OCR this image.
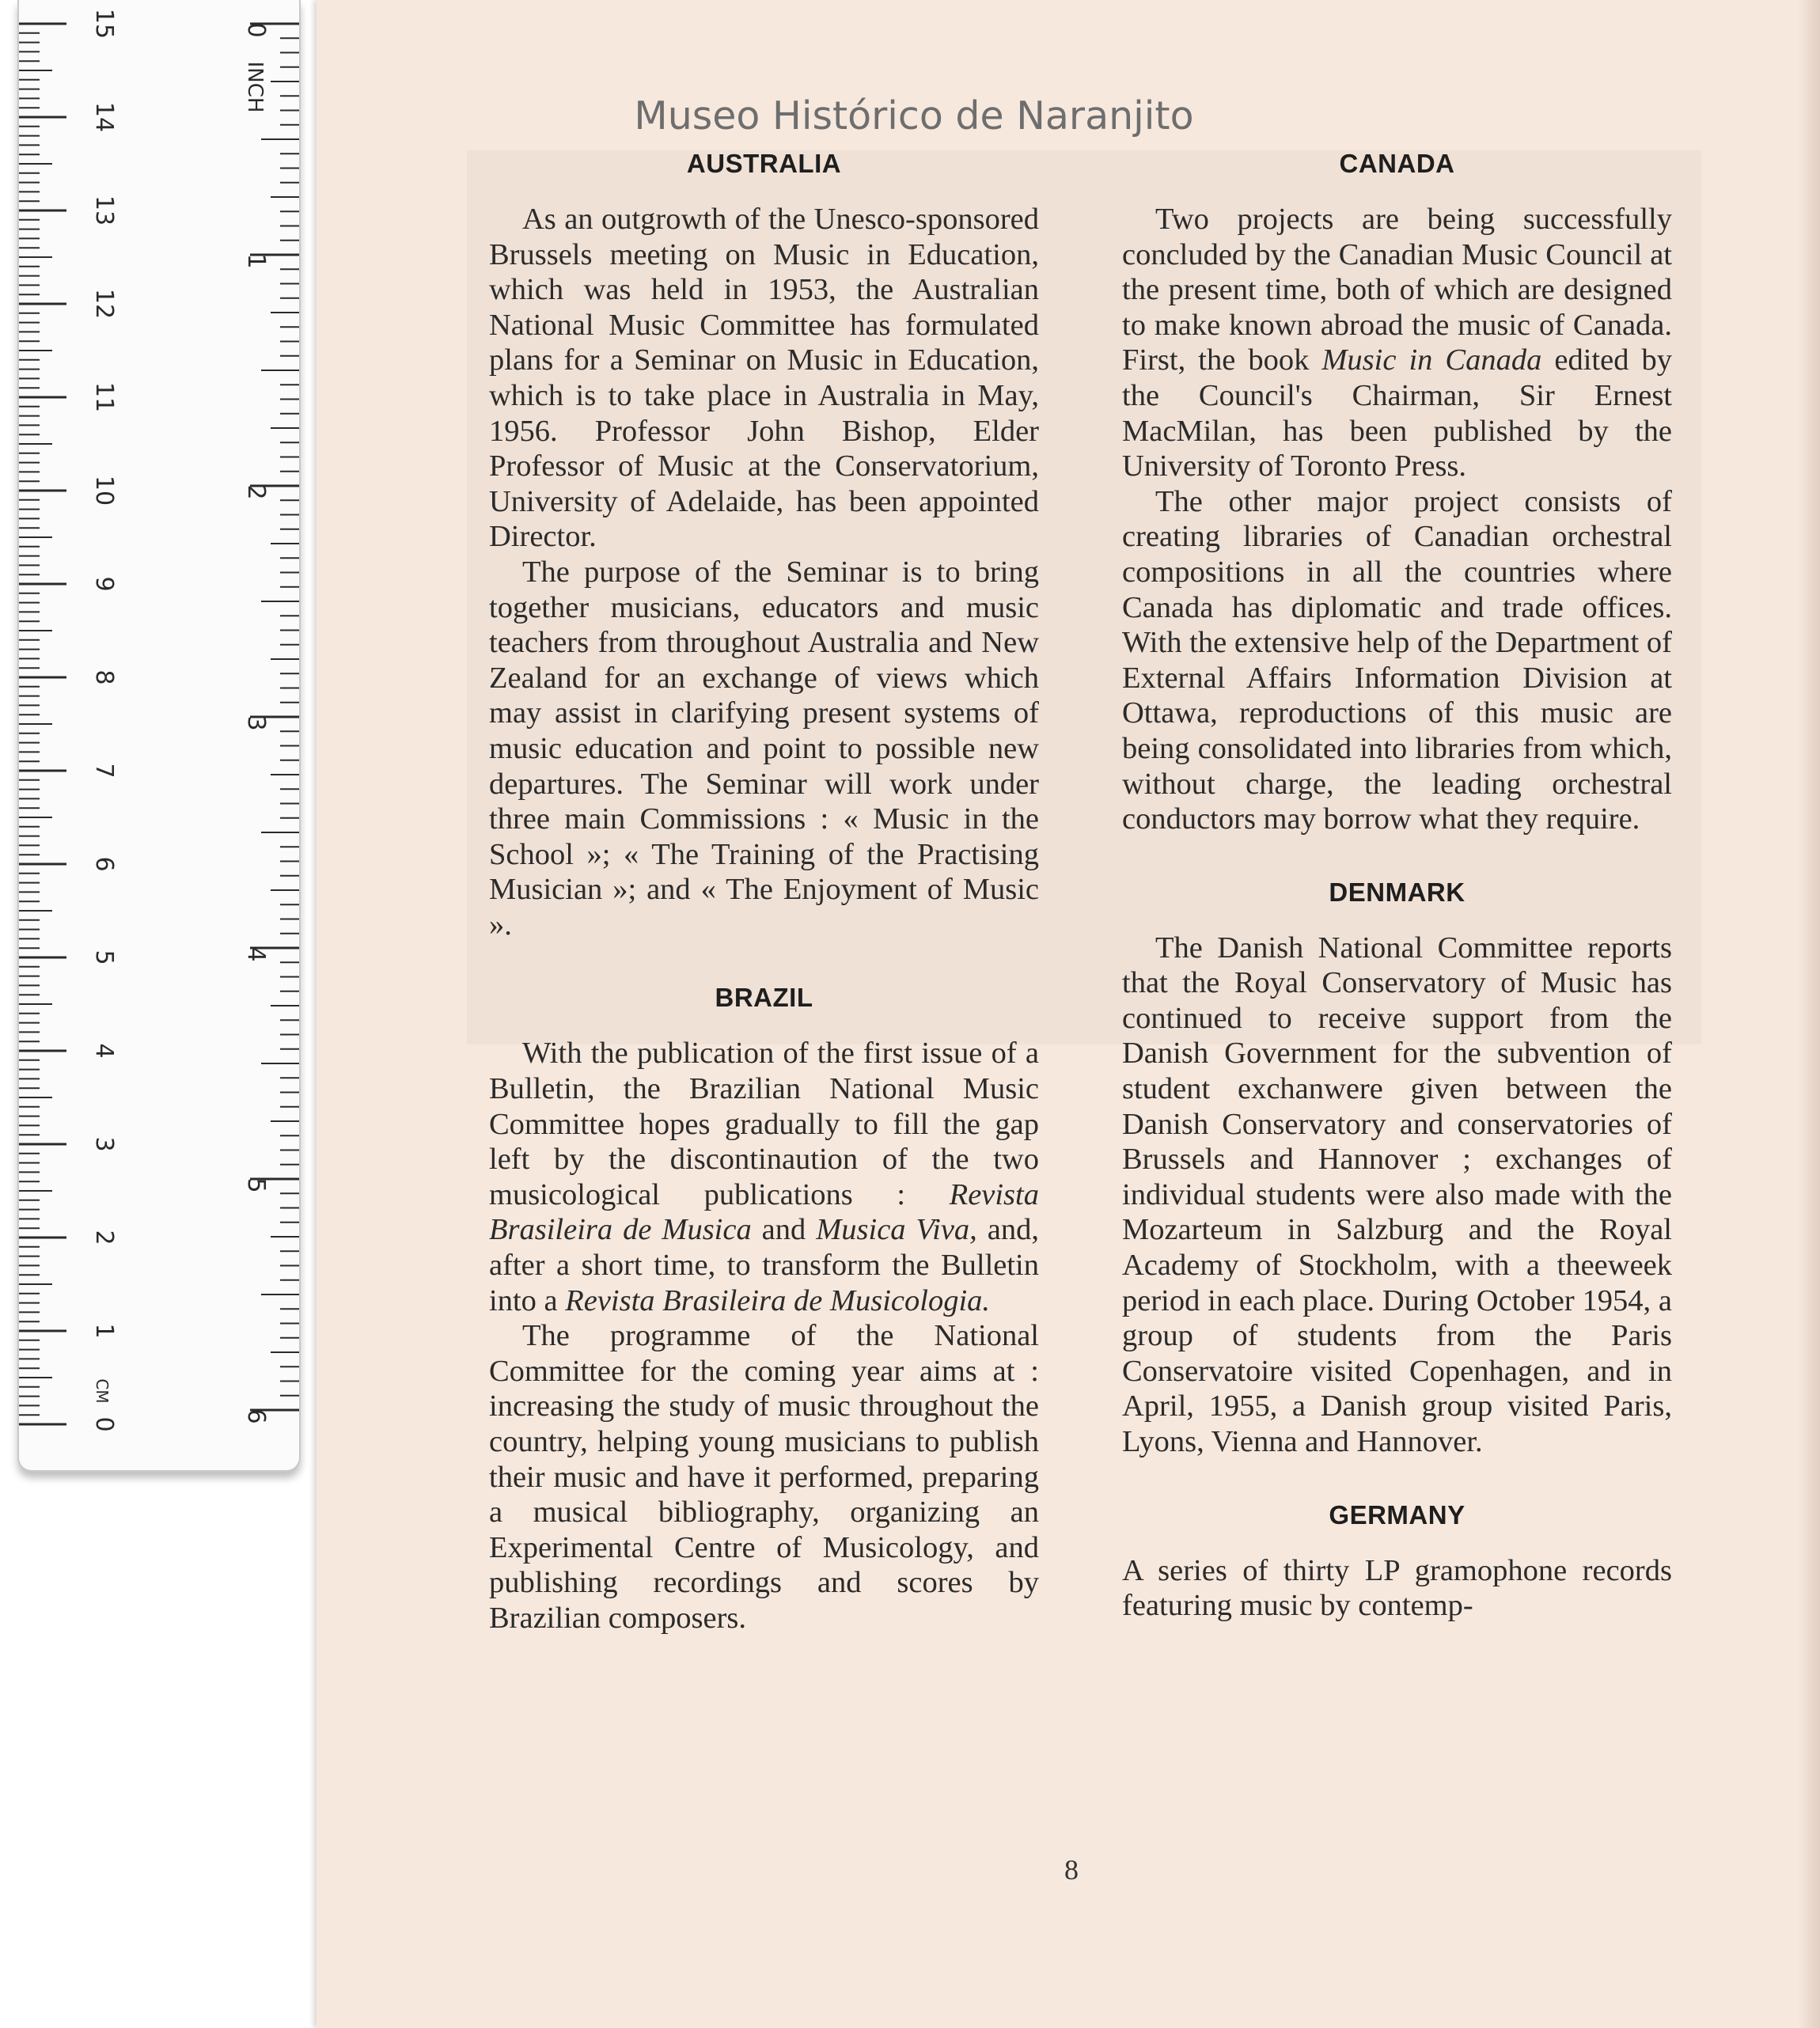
0
1
2
3
4
5
6
7
8
9
10
11
12
13
14
15
CM
0
1
2
3
4
5
6
INCH
Museo Histórico de Naranjito
AUSTRALIA

As an outgrowth of the Unesco-sponsored Brussels meeting on Music in Education, which was held in 1953, the Australian National Music Committee has formulated plans for a Seminar on Music in Education, which is to take place in Australia in May, 1956. Professor John Bishop, Elder Professor of Music at the Conservatorium, University of Adelaide, has been appointed Director.

The purpose of the Seminar is to bring together musicians, educators and music teachers from throughout Australia and New Zealand for an exchange of views which may assist in clarifying present systems of music education and point to possible new departures. The Seminar will work under three main Commissions : « Music in the School »; « The Training of the Practising Musician »; and « The Enjoyment of Music ».

BRAZIL

With the publication of the first issue of a Bulletin, the Brazilian National Music Committee hopes gradually to fill the gap left by the discontinaution of the two musicological publications : Revista Brasileira de Musica and Musica Viva, and, after a short time, to transform the Bulletin into a Revista Brasileira de Musicologia.

The programme of the National Committee for the coming year aims at : increasing the study of music throughout the country, helping young musicians to publish their music and have it performed, preparing a musical bibliography, organizing an Experimental Centre of Musicology, and publishing recordings and scores by Brazilian composers.

CANADA

Two projects are being successfully concluded by the Canadian Music Council at the present time, both of which are designed to make known abroad the music of Canada. First, the book Music in Canada edited by the Council's Chairman, Sir Ernest MacMilan, has been published by the University of Toronto Press.

The other major project consists of creating libraries of Canadian orchestral compositions in all the countries where Canada has diplomatic and trade offices. With the extensive help of the Department of External Affairs Information Division at Ottawa, reproductions of this music are being consolidated into libraries from which, without charge, the leading orchestral conductors may borrow what they require.

DENMARK

The Danish National Committee reports that the Royal Conservatory of Music has continued to receive support from the Danish Government for the subvention of student exchanwere given between the Danish Conservatory and conservatories of Brussels and Hannover ; exchanges of individual students were also made with the Mozarteum in Salzburg and the Royal Academy of Stockholm, with a theeweek period in each place. During October 1954, a group of students from the Paris Conservatoire visited Copenhagen, and in April, 1955, a Danish group visited Paris, Lyons, Vienna and Hannover.

GERMANY

A series of thirty LP gramophone records featuring music by contemp-

8
